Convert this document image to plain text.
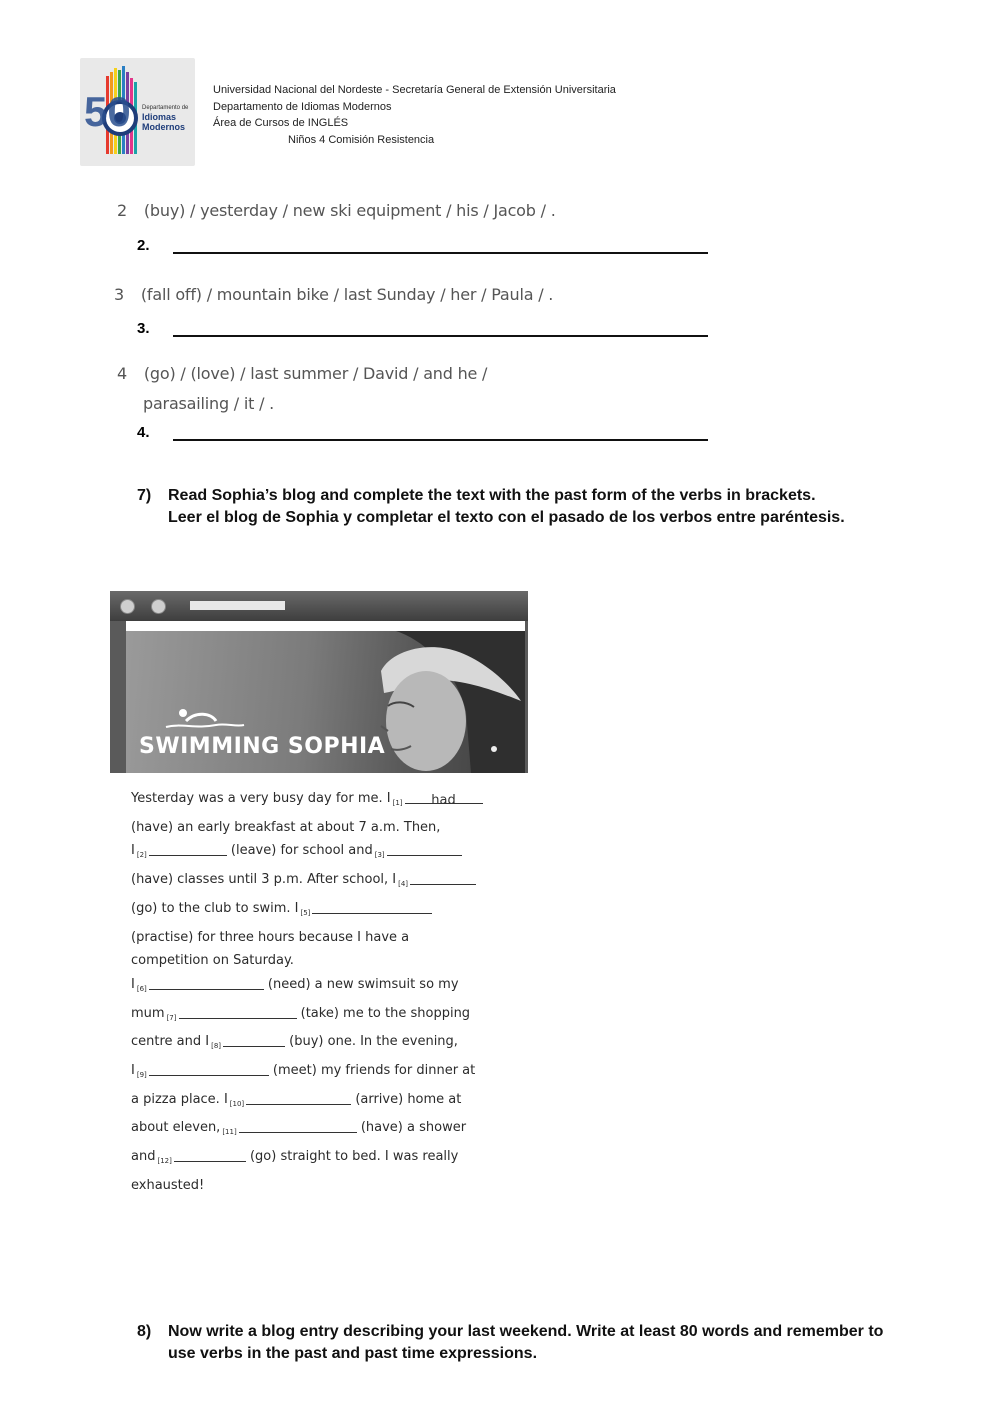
50 Departamento de
Idiomas
Modernos
Universidad Nacional del Nordeste - Secretaría General de Extensión Universitaria
Departamento de Idiomas Modernos
Área de Cursos de INGLÉS
Niños 4 Comisión Resistencia
2 (buy) / yesterday / new ski equipment / his / Jacob / .
2.
3 (fall off) / mountain bike / last Sunday / her / Paula / .
3.
4 (go) / (love) / last summer / David / and he /
parasailing / it / .
4.
7) Read Sophia’s blog and complete the text with the past form of the verbs in brackets.
Leer el blog de Sophia y completar el texto con el pasado de los verbos entre paréntesis.
SWIMMING SOPHIA
Yesterday was a very busy day for me. I $_{[1]}$ had
(have) an early breakfast at about 7 a.m. Then,
I $_{[2]}$	(leave) for school and $_{[3]}$
(have) classes until 3 p.m. After school, I $_{[4]}$
(go) to the club to swim. I $_{[5]}$
(practise) for three hours because I have a
competition on Saturday.
I $_{[6]}$	(need) a new swimsuit so my
mum $_{[7]}$	(take) me to the shopping
centre and I $_{[8]}$	(buy) one. In the evening,
I $_{[9]}$	(meet) my friends for dinner at
a pizza place. I $_{[10]}$	(arrive) home at
about eleven, $_{[11]}$	(have) a shower
and $_{[12]}$	(go) straight to bed. I was really
exhausted!
8) Now write a blog entry describing your last weekend. Write at least 80 words and remember to use verbs in the past and past time expressions.
